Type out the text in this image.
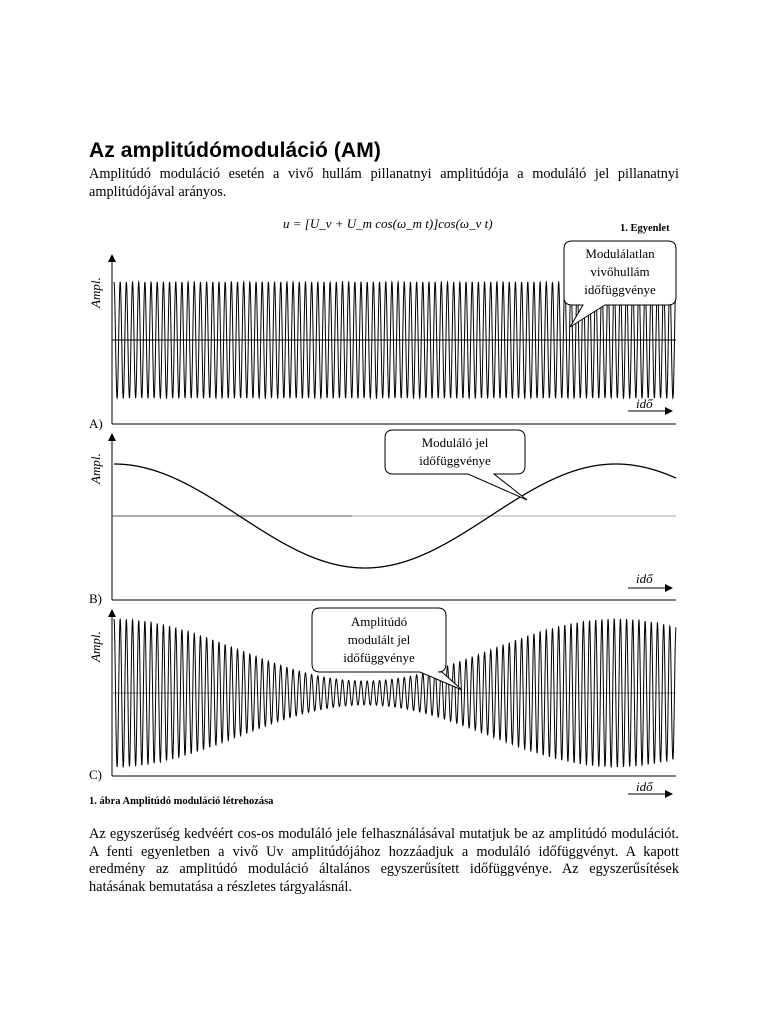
Az amplitúdómoduláció (AM)

Amplitúdó moduláció esetén a vivő hullám pillanatnyi amplitúdója a moduláló jel pillanatnyi amplitúdójával arányos.

u = [U_v + U_m cos(ω_m t)]cos(ω_v t)	1. Egyenlet
Ampl.
idő
A)
Modulálatlan
vivőhullám
időfüggvénye
Ampl.
idő
B)
Moduláló jel
időfüggvénye
Ampl.
idő
C)
Amplitúdó
modulált jel
időfüggvénye
1. ábra Amplitúdó moduláció létrehozása

Az egyszerűség kedvéért cos-os moduláló jele felhasználásával mutatjuk be az amplitúdó modulációt. A fenti egyenletben a vivő Uv amplitúdójához hozzáadjuk a moduláló időfüggvényt. A kapott eredmény az amplitúdó moduláció általános egyszerűsített időfüggvénye. Az egyszerűsítések hatásának bemutatása a részletes tárgyalásnál.
